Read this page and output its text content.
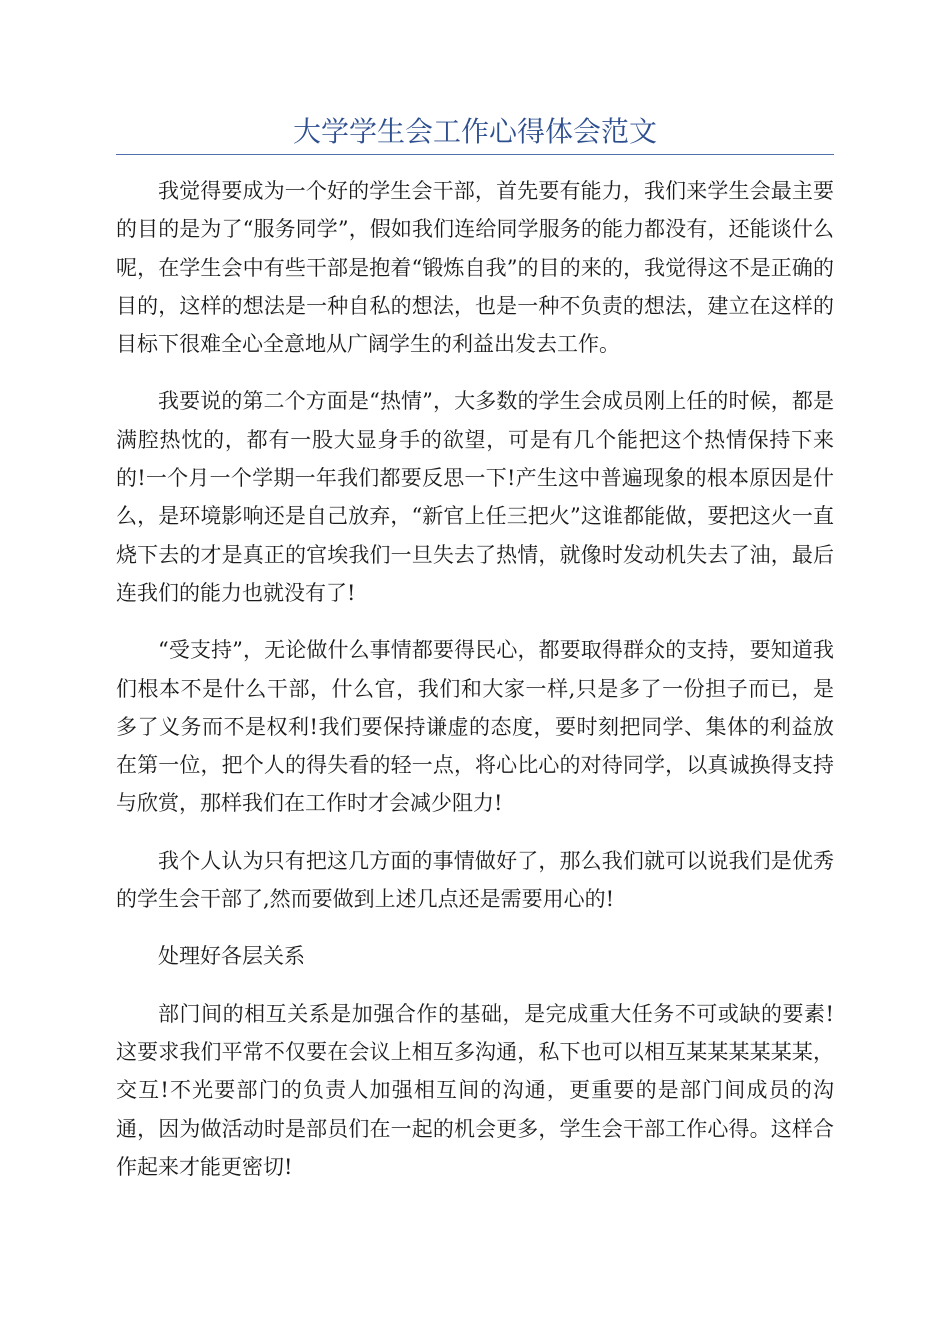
大学学生会工作心得体会范文

我觉得要成为一个好的学生会干部，首先要有能力，我们来学生会最主要的目的是为了“服务同学”，假如我们连给同学服务的能力都没有，还能谈什么呢，在学生会中有些干部是抱着“锻炼自我”的目的来的，我觉得这不是正确的目的，这样的想法是一种自私的想法，也是一种不负责的想法，建立在这样的目标下很难全心全意地从广阔学生的利益出发去工作。

我要说的第二个方面是“热情”，大多数的学生会成员刚上任的时候，都是满腔热忱的，都有一股大显身手的欲望，可是有几个能把这个热情保持下来的!一个月一个学期一年我们都要反思一下!产生这中普遍现象的根本原因是什么，是环境影响还是自己放弃，“新官上任三把火”这谁都能做，要把这火一直烧下去的才是真正的官埃我们一旦失去了热情，就像时发动机失去了油，最后连我们的能力也就没有了!

“受支持”，无论做什么事情都要得民心，都要取得群众的支持，要知道我们根本不是什么干部，什么官，我们和大家一样,只是多了一份担子而已，是多了义务而不是权利!我们要保持谦虚的态度，要时刻把同学、集体的利益放在第一位，把个人的得失看的轻一点，将心比心的对待同学，以真诚换得支持与欣赏，那样我们在工作时才会减少阻力!

我个人认为只有把这几方面的事情做好了，那么我们就可以说我们是优秀的学生会干部了,然而要做到上述几点还是需要用心的!

处理好各层关系

部门间的相互关系是加强合作的基础，是完成重大任务不可或缺的要素!这要求我们平常不仅要在会议上相互多沟通，私下也可以相互某某某某某某，交互!不光要部门的负责人加强相互间的沟通，更重要的是部门间成员的沟通，因为做活动时是部员们在一起的机会更多，学生会干部工作心得。这样合作起来才能更密切!
